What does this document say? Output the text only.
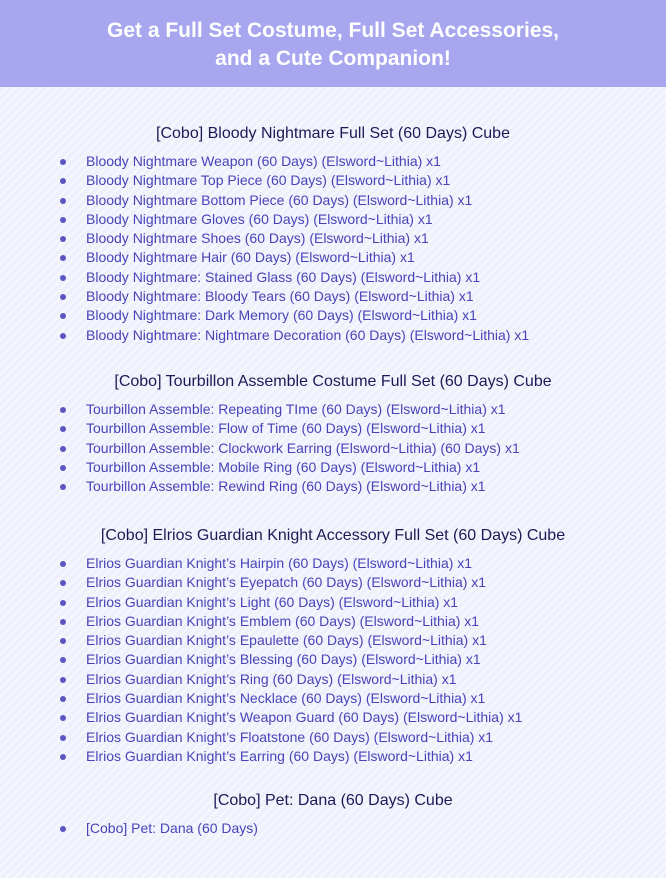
Get a Full Set Costume, Full Set Accessories,
and a Cute Companion!
[Cobo] Bloody Nightmare Full Set (60 Days) Cube
Bloody Nightmare Weapon (60 Days) (Elsword~Lithia) x1
Bloody Nightmare Top Piece (60 Days) (Elsword~Lithia) x1
Bloody Nightmare Bottom Piece (60 Days) (Elsword~Lithia) x1
Bloody Nightmare Gloves (60 Days) (Elsword~Lithia) x1
Bloody Nightmare Shoes (60 Days) (Elsword~Lithia) x1
Bloody Nightmare Hair (60 Days) (Elsword~Lithia) x1
Bloody Nightmare: Stained Glass (60 Days) (Elsword~Lithia) x1
Bloody Nightmare: Bloody Tears (60 Days) (Elsword~Lithia) x1
Bloody Nightmare: Dark Memory (60 Days) (Elsword~Lithia) x1
Bloody Nightmare: Nightmare Decoration (60 Days) (Elsword~Lithia) x1
[Cobo] Tourbillon Assemble Costume Full Set (60 Days) Cube
Tourbillon Assemble: Repeating TIme (60 Days) (Elsword~Lithia) x1
Tourbillon Assemble: Flow of Time (60 Days) (Elsword~Lithia) x1
Tourbillon Assemble: Clockwork Earring (Elsword~Lithia) (60 Days) x1
Tourbillon Assemble: Mobile Ring (60 Days) (Elsword~Lithia) x1
Tourbillon Assemble: Rewind Ring (60 Days) (Elsword~Lithia) x1
[Cobo] Elrios Guardian Knight Accessory Full Set (60 Days) Cube
Elrios Guardian Knight’s Hairpin (60 Days) (Elsword~Lithia) x1
Elrios Guardian Knight’s Eyepatch (60 Days) (Elsword~Lithia) x1
Elrios Guardian Knight’s Light (60 Days) (Elsword~Lithia) x1
Elrios Guardian Knight’s Emblem (60 Days) (Elsword~Lithia) x1
Elrios Guardian Knight’s Epaulette (60 Days) (Elsword~Lithia) x1
Elrios Guardian Knight’s Blessing (60 Days) (Elsword~Lithia) x1
Elrios Guardian Knight’s Ring (60 Days) (Elsword~Lithia) x1
Elrios Guardian Knight’s Necklace (60 Days) (Elsword~Lithia) x1
Elrios Guardian Knight’s Weapon Guard (60 Days) (Elsword~Lithia) x1
Elrios Guardian Knight’s Floatstone (60 Days) (Elsword~Lithia) x1
Elrios Guardian Knight’s Earring (60 Days) (Elsword~Lithia) x1
[Cobo] Pet: Dana (60 Days) Cube
[Cobo] Pet: Dana (60 Days)
